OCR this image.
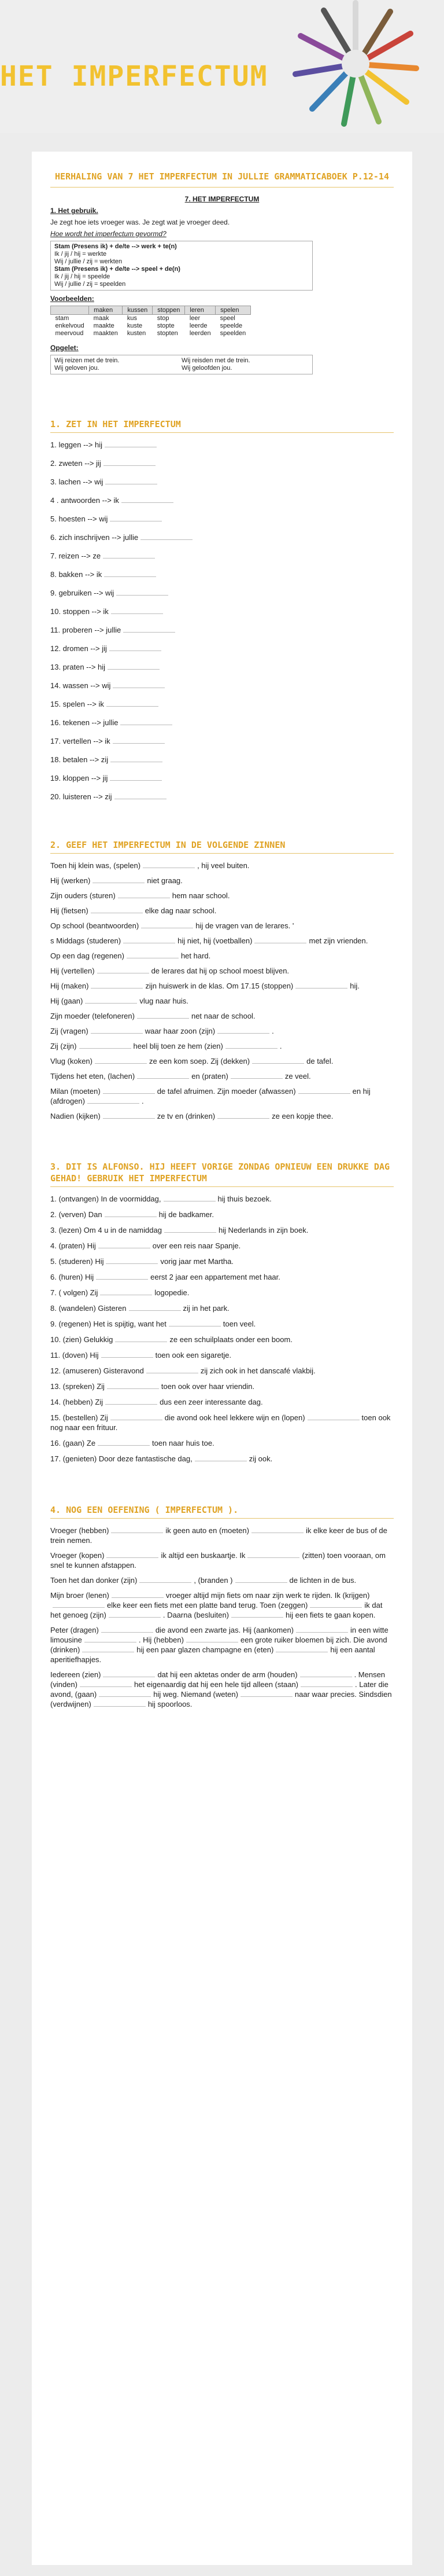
HET IMPERFECTUM
HERHALING VAN 7 HET IMPERFECTUM IN JULLIE GRAMMATICABOEK P.12-14

7. HET IMPERFECTUM

1. Het gebruik.

Je zegt hoe iets vroeger was. Je zegt wat je vroeger deed.

Hoe wordt het imperfectum gevormd?

Stam (Presens ik) + de/te --> werk + te(n)
Ik / jij / hij = werkte
Wij / jullie / zij = werkten
Stam (Presens ik) + de/te --> speel + de(n)
Ik / jij / hij = speelde
Wij / jullie / zij = speelden

Voorbeelden:

	maken	kussen	stoppen	leren	spelen
stam	maak	kus	stop	leer	speel
enkelvoud	maakte	kuste	stopte	leerde	speelde
meervoud	maakten	kusten	stopten	leerden	speelden

Opgelet:

Wij reizen met de trein.	Wij reisden met de trein.
Wij geloven jou.	Wij geloofden jou.
1. ZET IN HET IMPERFECTUM

1. leggen --> hij

2. zweten --> jij

3. lachen --> wij

4 . antwoorden --> ik

5. hoesten --> wij

6. zich inschrijven --> jullie

7. reizen --> ze

8. bakken --> ik

9. gebruiken --> wij

10. stoppen --> ik

11. proberen --> jullie

12. dromen --> jij

13. praten --> hij

14. wassen --> wij

15. spelen --> ik

16. tekenen --> jullie

17. vertellen --> ik

18. betalen --> zij

19. kloppen --> jij

20. luisteren --> zij

2. GEEF HET IMPERFECTUM IN DE VOLGENDE ZINNEN

Toen hij klein was, (spelen)	, hij veel buiten.

Hij (werken)	niet graag.

Zijn ouders (sturen)	hem naar school.

Hij (fietsen)	elke dag naar school.

Op school (beantwoorden)	hij de vragen van de lerares. '

s Middags (studeren)	hij niet, hij (voetballen)	met zijn vrienden.

Op een dag (regenen)	het hard.

Hij (vertellen)	de lerares dat hij op school moest blijven.

Hij (maken)	zijn huiswerk in de klas. Om 17.15 (stoppen)	hij.

Hij (gaan)	vlug naar huis.

Zijn moeder (telefoneren)	net naar de school.

Zij (vragen)	waar haar zoon (zijn)	.

Zij (zijn)	heel blij toen ze hem (zien)	.

Vlug (koken)	ze een kom soep. Zij (dekken)	de tafel.

Tijdens het eten, (lachen)	en (praten)	ze veel.

Milan (moeten)	de tafel afruimen. Zijn moeder (afwassen)	en hij (afdrogen)	.

Nadien (kijken)	ze tv en (drinken)	ze een kopje thee.

3. DIT IS ALFONSO. HIJ HEEFT VORIGE ZONDAG OPNIEUW EEN DRUKKE DAG GEHAD! GEBRUIK HET IMPERFECTUM

1. (ontvangen) In de voormiddag,	hij thuis bezoek.

2. (verven) Dan	hij de badkamer.

3. (lezen) Om 4 u in de namiddag	hij Nederlands in zijn boek.

4. (praten) Hij	over een reis naar Spanje.

5. (studeren) Hij	vorig jaar met Martha.

6. (huren) Hij	eerst 2 jaar een appartement met haar.

7. ( volgen) Zij	logopedie.

8. (wandelen) Gisteren	zij in het park.

9. (regenen) Het is spijtig, want het	toen veel.

10. (zien) Gelukkig	ze een schuilplaats onder een boom.

11. (doven) Hij	toen ook een sigaretje.

12. (amuseren) Gisteravond	zij zich ook in het danscafé vlakbij.

13. (spreken) Zij	toen ook over haar vriendin.

14. (hebben) Zij	dus een zeer interessante dag.

15. (bestellen) Zij	die avond ook heel lekkere wijn en (lopen)	toen ook nog naar een frituur.

16. (gaan) Ze	toen naar huis toe.

17. (genieten) Door deze fantastische dag,	zij ook.

4. NOG EEN OEFENING ( IMPERFECTUM ).

Vroeger (hebben)	ik geen auto en (moeten)	ik elke keer de bus of de trein nemen.

Vroeger (kopen)	ik altijd een buskaartje. Ik	(zitten) toen vooraan, om snel te kunnen afstappen.

Toen het dan donker (zijn)	, (branden )	de lichten in de bus.

Mijn broer (lenen)	vroeger altijd mijn fiets om naar zijn werk te rijden. Ik (krijgen)elke keer een fiets met een platte band terug. Toen (zeggen)	ik dat het genoeg (zijn)	. Daarna (besluiten)	hij een fiets te gaan kopen.

Peter (dragen)	die avond een zwarte jas. Hij (aankomen)	in een witte limousine	. Hij (hebben)	een grote ruiker bloemen bij zich. Die avond (drinken)	hij een paar glazen champagne en (eten)	hij een aantal aperitiefhapjes.

Iedereen (zien)	dat hij een aktetas onder de arm (houden)	. Mensen (vinden)	het eigenaardig dat hij een hele tijd alleen (staan)	. Later die avond, (gaan)	hij weg. Niemand (weten)	naar waar precies. Sindsdien (verdwijnen)	hij spoorloos.
